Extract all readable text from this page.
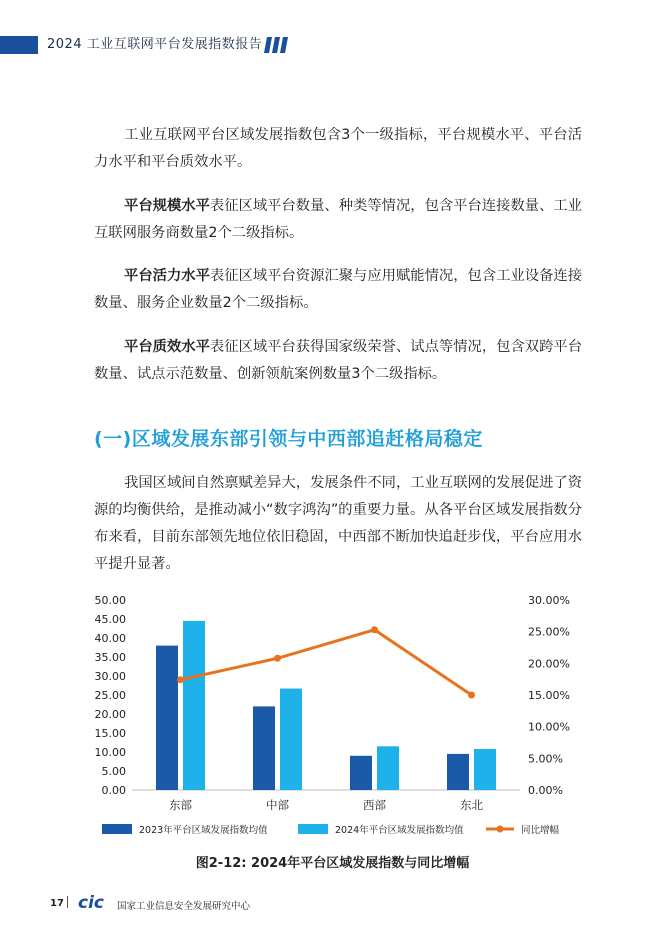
2024 工业互联网平台发展指数报告
工业互联网平台区域发展指数包含3个一级指标，平台规模水平、平台活力水平和平台质效水平。
平台规模水平表征区域平台数量、种类等情况，包含平台连接数量、工业互联网服务商数量2个二级指标。
平台活力水平表征区域平台资源汇聚与应用赋能情况，包含工业设备连接数量、服务企业数量2个二级指标。
平台质效水平表征区域平台获得国家级荣誉、试点等情况，包含双跨平台数量、试点示范数量、创新领航案例数量3个二级指标。
(一)区域发展东部引领与中西部追赶格局稳定
我国区域间自然禀赋差异大，发展条件不同，工业互联网的发展促进了资源的均衡供给，是推动减小“数字鸿沟”的重要力量。从各平台区域发展指数分布来看，目前东部领先地位依旧稳固，中西部不断加快追赶步伐，平台应用水平提升显著。
0.00
5.00
10.00
15.00
20.00
25.00
30.00
35.00
40.00
45.00
50.00
0.00%
5.00%
10.00%
15.00%
20.00%
25.00%
30.00%
东部	中部	西部	东北
2023年平台区域发展指数均值	2024年平台区域发展指数均值	同比增幅
图2-12: 2024年平台区域发展指数与同比增幅
17 cic 国家工业信息安全发展研究中心
